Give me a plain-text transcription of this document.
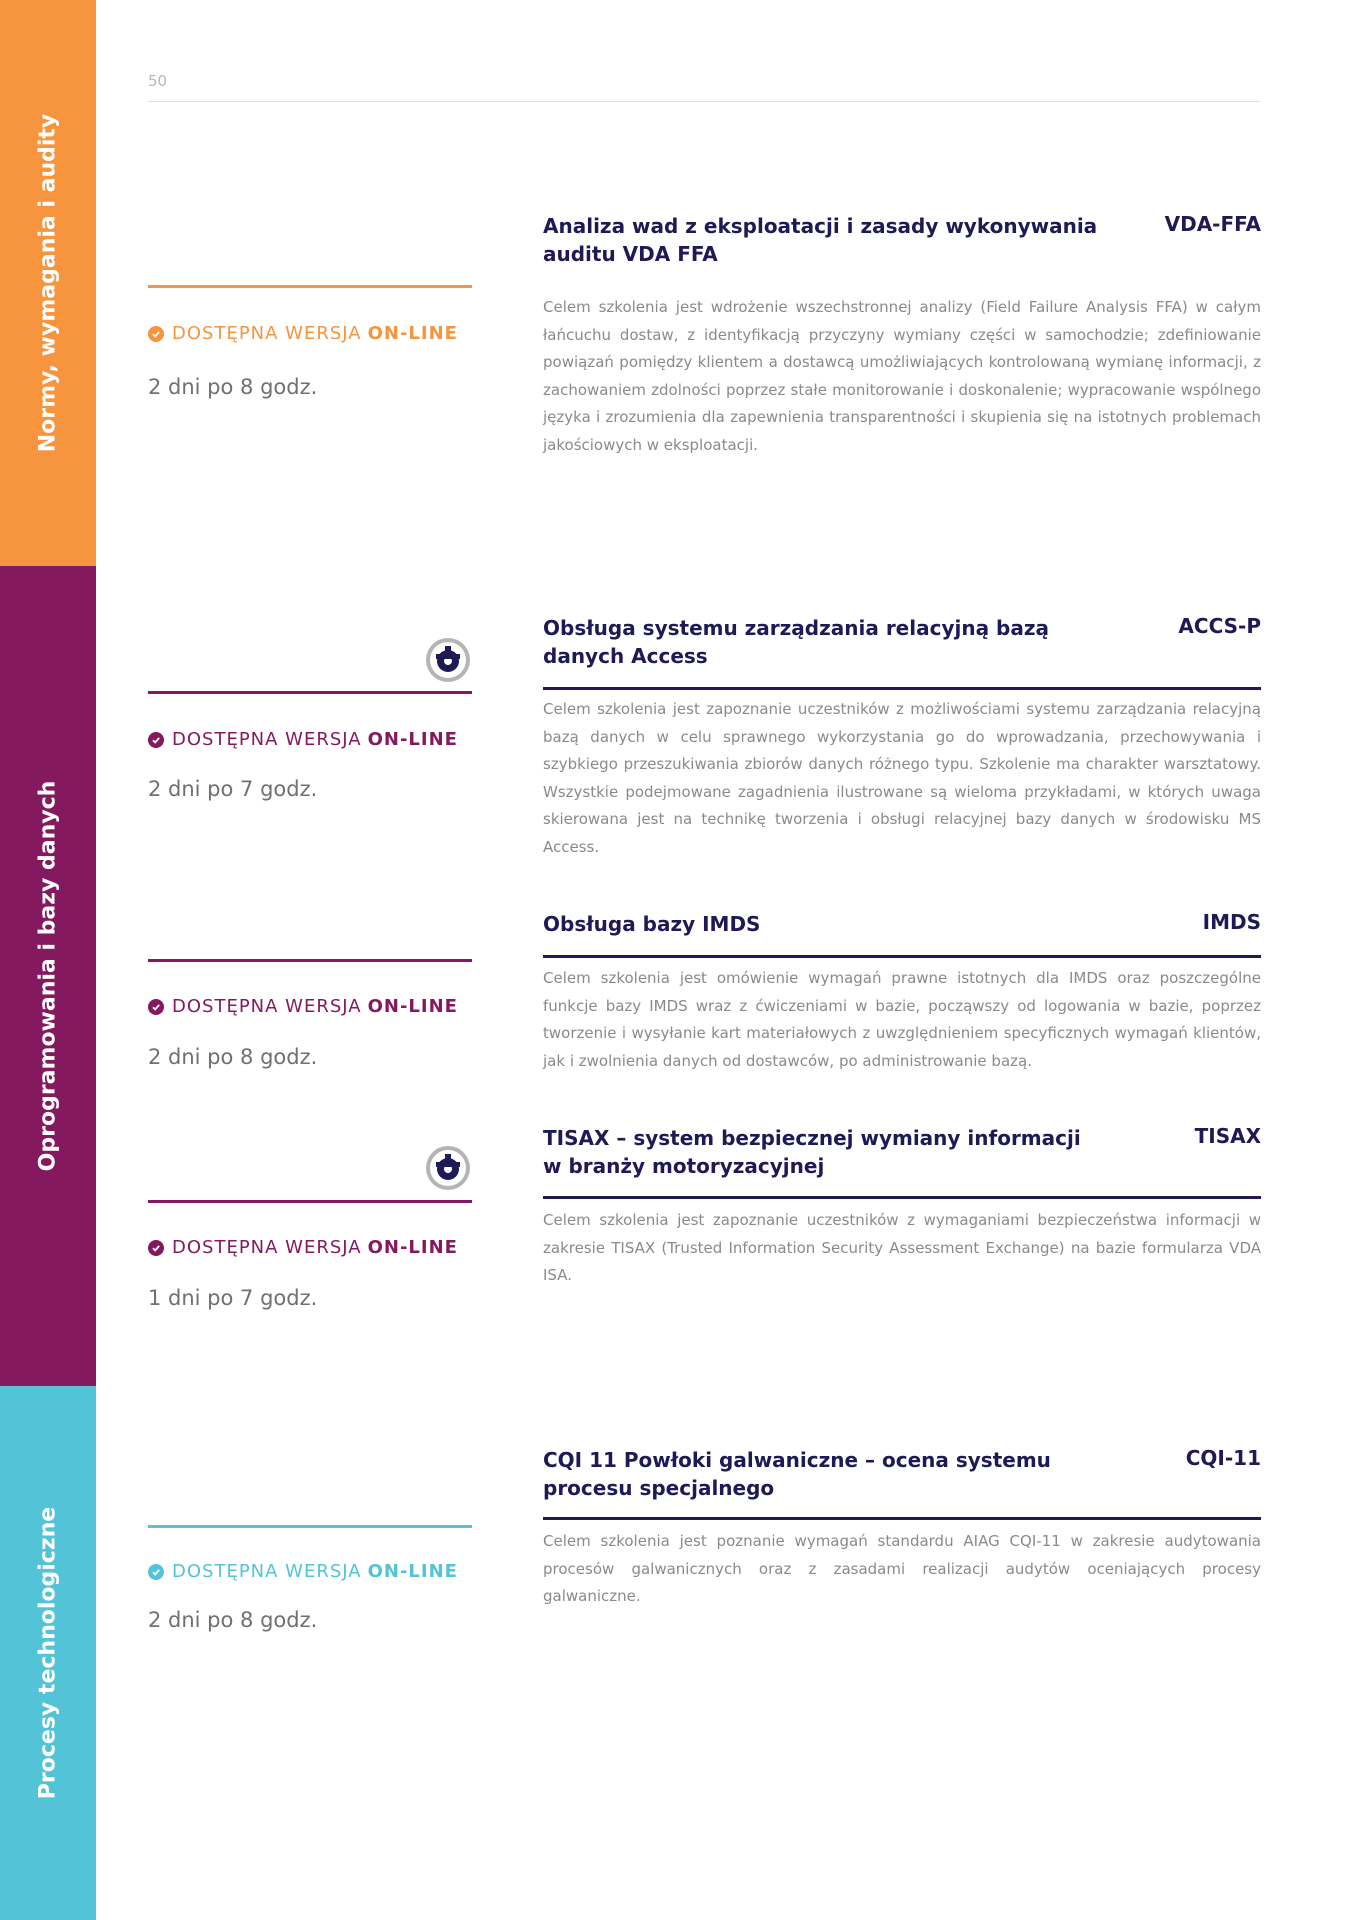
Normy, wymagania i audity
Oprogramowania i bazy danych
Procesy technologiczne
50
Analiza wad z eksploatacji i zasady wykonywania auditu VDA FFA
VDA-FFA
DOSTĘPNA WERSJA ON-LINE
2 dni po 8 godz.
Celem szkolenia jest wdrożenie wszechstronnej analizy (Field Failure Analysis FFA) w całym łańcuchu dostaw, z identyfikacją przyczyny wymiany części w samochodzie; zdefiniowanie powiązań pomiędzy klientem a dostawcą umożliwiających kontrolowaną wymianę informacji, z zachowaniem zdolności poprzez stałe monitorowanie i doskonalenie; wypracowanie wspólnego języka i zrozumienia dla zapewnienia transparentności i skupienia się na istotnych problemach jakościowych w eksploatacji.
Obsługa systemu zarządzania relacyjną bazą danych Access
ACCS-P
DOSTĘPNA WERSJA ON-LINE
2 dni po 7 godz.
Celem szkolenia jest zapoznanie uczestników z możliwościami systemu zarządzania relacyjną bazą danych w celu sprawnego wykorzystania go do wprowadzania, przechowywania i szybkiego przeszukiwania zbiorów danych różnego typu. Szkolenie ma charakter warsztatowy. Wszystkie podejmowane zagadnienia ilustrowane są wieloma przykładami, w których uwaga skierowana jest na technikę tworzenia i obsługi relacyjnej bazy danych w środowisku MS Access.
Obsługa bazy IMDS	IMDS
DOSTĘPNA WERSJA ON-LINE
2 dni po 8 godz.
Celem szkolenia jest omówienie wymagań prawne istotnych dla IMDS oraz poszczególne funkcje bazy IMDS wraz z ćwiczeniami w bazie, począwszy od logowania w bazie, poprzez tworzenie i wysyłanie kart materiałowych z uwzględnieniem specyficznych wymagań klientów, jak i zwolnienia danych od dostawców, po administrowanie bazą.
TISAX – system bezpiecznej wymiany informacji w branży motoryzacyjnej
TISAX
DOSTĘPNA WERSJA ON-LINE
1 dni po 7 godz.
Celem szkolenia jest zapoznanie uczestników z wymaganiami bezpieczeństwa informacji w zakresie TISAX (Trusted Information Security Assessment Exchange) na bazie formularza VDA ISA.
CQI 11 Powłoki galwaniczne – ocena systemu procesu specjalnego
CQI-11
DOSTĘPNA WERSJA ON-LINE
2 dni po 8 godz.
Celem szkolenia jest poznanie wymagań standardu AIAG CQI-11 w zakresie audytowania procesów galwanicznych oraz z zasadami realizacji audytów oceniających procesy galwaniczne.
